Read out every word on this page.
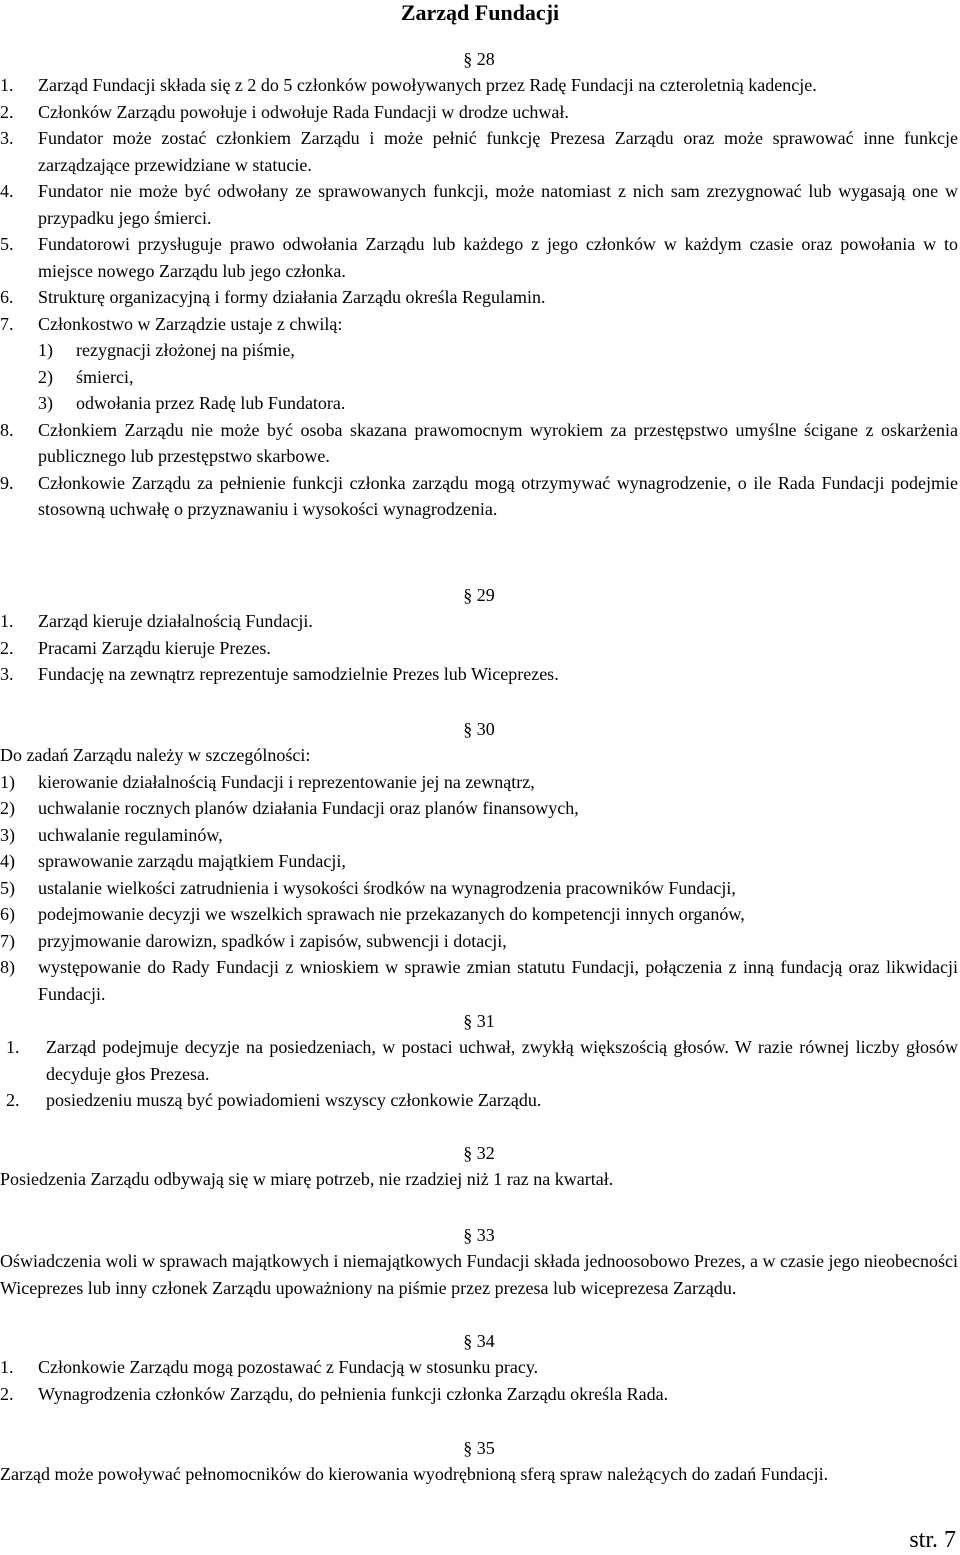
Zarząd Fundacji
§ 28
1. Zarząd Fundacji składa się z 2 do 5 członków powoływanych przez Radę Fundacji na czteroletnią kadencje.
2. Członków Zarządu powołuje i odwołuje Rada Fundacji w drodze uchwał.
3. Fundator może zostać członkiem Zarządu i może pełnić funkcję Prezesa Zarządu oraz może sprawować inne funkcje zarządzające przewidziane w statucie.
4. Fundator nie może być odwołany ze sprawowanych funkcji, może natomiast z nich sam zrezygnować lub wygasają one w przypadku jego śmierci.
5. Fundatorowi przysługuje prawo odwołania Zarządu lub każdego z jego członków w każdym czasie oraz powołania w to miejsce nowego Zarządu lub jego członka.
6. Strukturę organizacyjną i formy działania Zarządu określa Regulamin.
7. Członkostwo w Zarządzie ustaje z chwilą:
1) rezygnacji złożonej na piśmie,
2) śmierci,
3) odwołania przez Radę lub Fundatora.
8. Członkiem Zarządu nie może być osoba skazana prawomocnym wyrokiem za przestępstwo umyślne ścigane z oskarżenia publicznego lub przestępstwo skarbowe.
9. Członkowie Zarządu za pełnienie funkcji członka zarządu mogą otrzymywać wynagrodzenie, o ile Rada Fundacji podejmie stosowną uchwałę o przyznawaniu i wysokości wynagrodzenia.
§ 29
1. Zarząd kieruje działalnością Fundacji.
2. Pracami Zarządu kieruje Prezes.
3. Fundację na zewnątrz reprezentuje samodzielnie Prezes lub Wiceprezes.
§ 30
Do zadań Zarządu należy w szczególności:
1) kierowanie działalnością Fundacji i reprezentowanie jej na zewnątrz,
2) uchwalanie rocznych planów działania Fundacji oraz planów finansowych,
3) uchwalanie regulaminów,
4) sprawowanie zarządu majątkiem Fundacji,
5) ustalanie wielkości zatrudnienia i wysokości środków na wynagrodzenia pracowników Fundacji,
6) podejmowanie decyzji we wszelkich sprawach nie przekazanych do kompetencji innych organów,
7) przyjmowanie darowizn, spadków i zapisów, subwencji i dotacji,
8) występowanie do Rady Fundacji z wnioskiem w sprawie zmian statutu Fundacji, połączenia z inną fundacją oraz likwidacji Fundacji.
§ 31
1. Zarząd podejmuje decyzje na posiedzeniach, w postaci uchwał, zwykłą większością głosów. W razie równej liczby głosów decyduje głos Prezesa.
2. posiedzeniu muszą być powiadomieni wszyscy członkowie Zarządu.
§ 32
Posiedzenia Zarządu odbywają się w miarę potrzeb, nie rzadziej niż 1 raz na kwartał.
§ 33
Oświadczenia woli w sprawach majątkowych i niemajątkowych Fundacji składa jednoosobowo Prezes, a w czasie jego nieobecności Wiceprezes lub inny członek Zarządu upoważniony na piśmie przez prezesa lub wiceprezesa Zarządu.
§ 34
1. Członkowie Zarządu mogą pozostawać z Fundacją w stosunku pracy.
2. Wynagrodzenia członków Zarządu, do pełnienia funkcji członka Zarządu określa Rada.
§ 35
Zarząd może powoływać pełnomocników do kierowania wyodrębnioną sferą spraw należących do zadań Fundacji.
str. 7
